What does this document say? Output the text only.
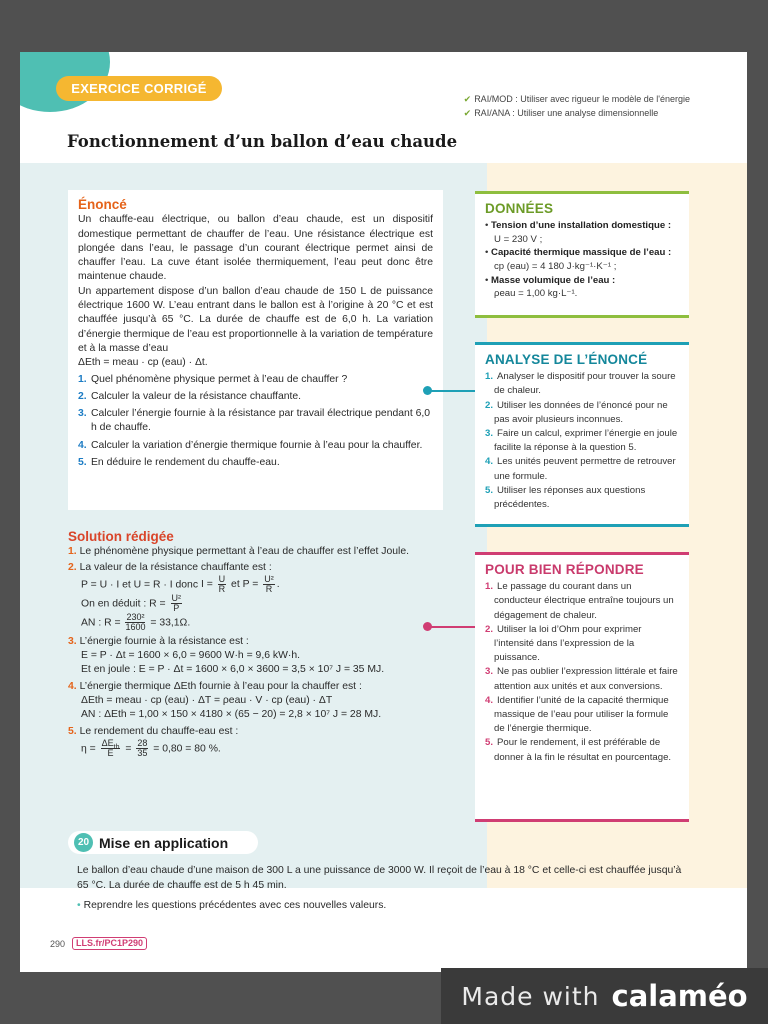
EXERCICE CORRIGÉ
✔ RAI/MOD : Utiliser avec rigueur le modèle de l'énergie
✔ RAI/ANA : Utiliser une analyse dimensionnelle
Fonctionnement d’un ballon d’eau chaude
Énoncé
Un chauffe-eau électrique, ou ballon d’eau chaude, est un dispositif domestique permettant de chauffer de l’eau. Une résistance électrique est plongée dans l’eau, le passage d’un courant électrique permet ainsi de chauffer l’eau. La cuve étant isolée thermiquement, l’eau peut donc être maintenue chaude.
Un appartement dispose d’un ballon d’eau chaude de 150 L de puissance électrique 1600 W. L’eau entrant dans le ballon est à l’origine à 20 °C et est chauffée jusqu’à 65 °C. La durée de chauffe est de 6,0 h. La variation d’énergie thermique de l’eau est proportionnelle à la variation de température et à la masse d’eau
ΔEth = meau · cp (eau) · Δt.
1. Quel phénomène physique permet à l’eau de chauffer ?
2. Calculer la valeur de la résistance chauffante.
3. Calculer l’énergie fournie à la résistance par travail électrique pendant 6,0 h de chauffe.
4. Calculer la variation d’énergie thermique fournie à l’eau pour la chauffer.
5. En déduire le rendement du chauffe-eau.
Solution rédigée
1. Le phénomène physique permettant à l’eau de chauffer est l’effet Joule.
2. La valeur de la résistance chauffante est :
P = U · I et U = R · I donc $I = \frac{U}{R}$ et $P = \frac{\text{U²}}{R}$ .
On en déduit : $R = \frac{\text{U²}}{P}$
AN : $R = \frac{\text{230²}}{1600} = 33,1\Omega$.
3. L’énergie fournie à la résistance est :
E = P · Δt = 1600 × 6,0 = 9600 W·h = 9,6 kW·h.
Et en joule : E = P · Δt = 1600 × 6,0 × 3600 = 3,5 × 10⁷ J = 35 MJ.
4. L’énergie thermique ΔEth fournie à l’eau pour la chauffer est :
ΔEth = meau · cp (eau) · ΔT = ρeau · V · cp (eau) · ΔT
AN : ΔEth = 1,00 × 150 × 4180 × (65 − 20) = 2,8 × 10⁷ J = 28 MJ.
5. Le rendement du chauffe-eau est :
$\eta = \frac{\Delta E_{th}}{E} = \frac{28}{35} = 0,80 = 80$ %.
DONNÉES
• Tension d’une installation domestique :
U = 230 V ;
• Capacité thermique massique de l’eau :
cp (eau) = 4 180 J·kg⁻¹·K⁻¹ ;
• Masse volumique de l’eau :
ρeau = 1,00 kg·L⁻¹.
ANALYSE DE L’ÉNONCÉ
1. Analyser le dispositif pour trouver la soure de chaleur.
2. Utiliser les données de l’énoncé pour ne pas avoir plusieurs inconnues.
3. Faire un calcul, exprimer l’énergie en joule facilite la réponse à la question 5.
4. Les unités peuvent permettre de retrouver une formule.
5. Utiliser les réponses aux questions précédentes.
POUR BIEN RÉPONDRE
1. Le passage du courant dans un conducteur électrique entraîne toujours un dégagement de chaleur.
2. Utiliser la loi d’Ohm pour exprimer l’intensité dans l’expression de la puissance.
3. Ne pas oublier l’expression littérale et faire attention aux unités et aux conversions.
4. Identifier l’unité de la capacité thermique massique de l’eau pour utiliser la formule de l’énergie thermique.
5. Pour le rendement, il est préférable de donner à la fin le résultat en pourcentage.
20 Mise en application
Le ballon d’eau chaude d’une maison de 300 L a une puissance de 3000 W. Il reçoit de l’eau à 18 °C et celle-ci est chauffée jusqu’à 65 °C. La durée de chauffe est de 5 h 45 min.
• Reprendre les questions précédentes avec ces nouvelles valeurs.
290	LLS.fr/PC1P290
Made with calaméo
